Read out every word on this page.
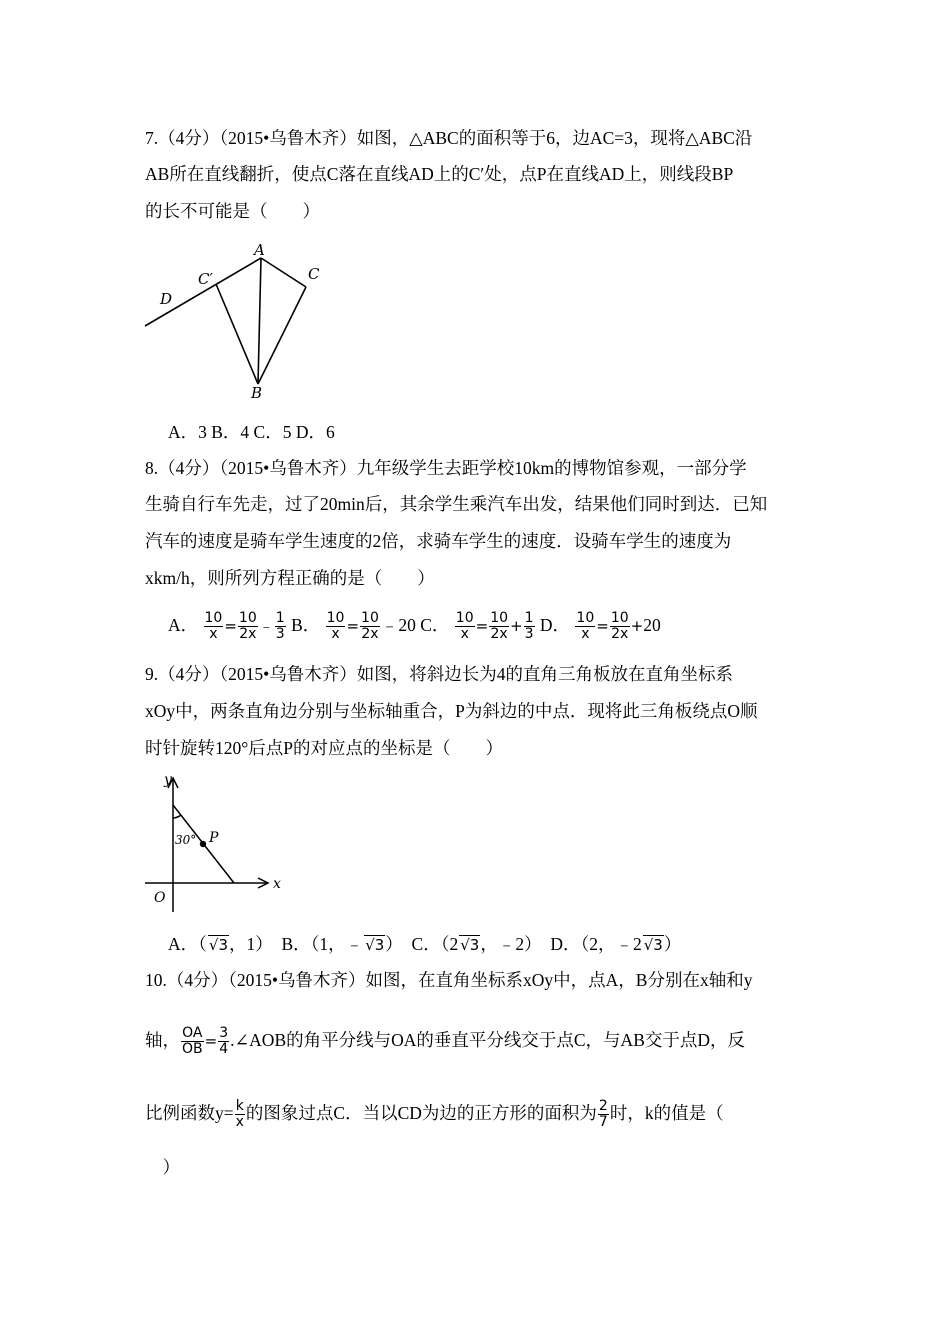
7.（4分）（2015•乌鲁木齐）如图，△ABC的面积等于6，边AC=3，现将△ABC沿
AB所在直线翻折，使点C落在直线AD上的C′处，点P在直线AD上，则线段BP
的长不可能是（　　）
A
C
C′
D
B
A．3 B．4 C．5 D．6
8.（4分）（2015•乌鲁木齐）九年级学生去距学校10km的博物馆参观，一部分学
生骑自行车先走，过了20min后，其余学生乘汽车出发，结果他们同时到达．已知
汽车的速度是骑车学生速度的2倍，求骑车学生的速度．设骑车学生的速度为
xkm/h，则所列方程正确的是（　　）
A． $\frac{10}{x} = \frac{10}{2x}$ ﹣ $\frac{1}{3}$ B． $\frac{10}{x} = \frac{10}{2x}$ ﹣20 C． $\frac{10}{x} = \frac{10}{2x} + \frac{1}{3}$ D． $\frac{10}{x} = \frac{10}{2x} +20$
9.（4分）（2015•乌鲁木齐）如图，将斜边长为4的直角三角板放在直角坐标系
xOy中，两条直角边分别与坐标轴重合，P为斜边的中点．现将此三角板绕点O顺
时针旋转120°后点P的对应点的坐标是（　　）
y
x
O
P
30°
A．（ √3，1） B．（1，﹣ √3） C．（2 √3，﹣2） D．（2，﹣2 √3）
10.（4分）（2015•乌鲁木齐）如图，在直角坐标系xOy中，点A，B分别在x轴和y
轴， $\frac{OA}{OB} = \frac{3}{4}$ .∠AOB的角平分线与OA的垂直平分线交于点C，与AB交于点D，反
比例函数$y= \frac{k}{x}$ 的图象过点C．当以CD为边的正方形的面积为 $\frac{2}{7}$ 时，k的值是（
　）
